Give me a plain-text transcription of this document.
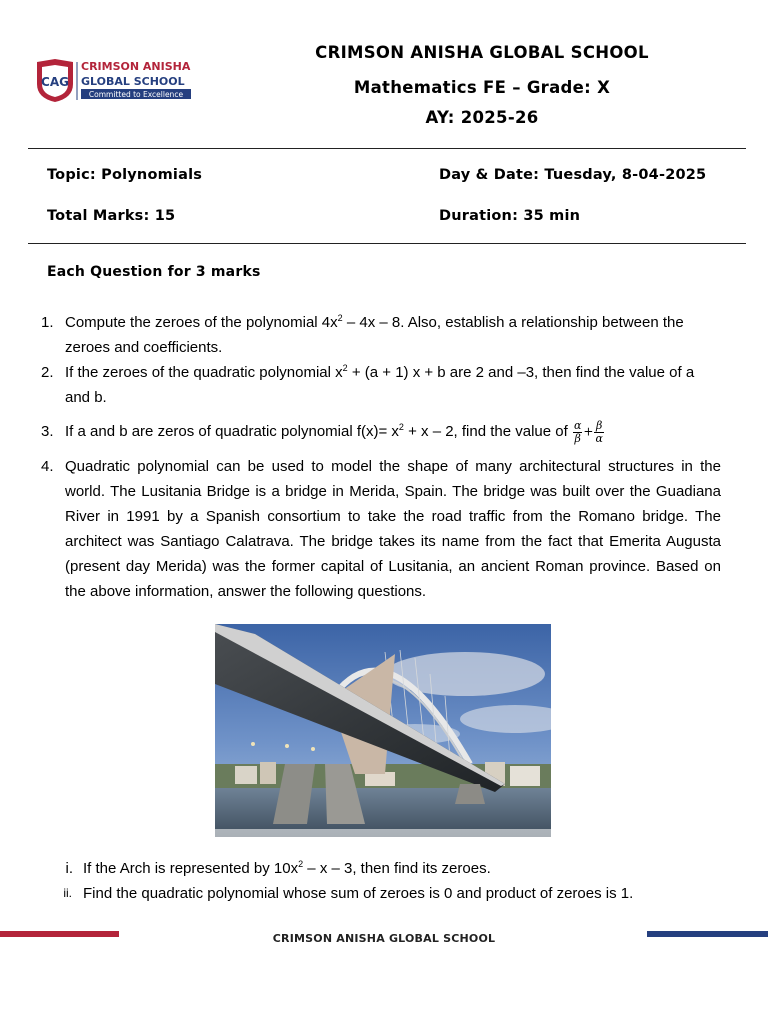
CAG
CRIMSON ANISHA
GLOBAL SCHOOL
Committed to Excellence
CRIMSON ANISHA GLOBAL SCHOOL
Mathematics FE – Grade: X
AY: 2025-26
Topic: Polynomials	Day & Date: Tuesday, 8-04-2025
Total Marks: 15	Duration: 35 min
Each Question for 3 marks
1. Compute the zeroes of the polynomial $4x^2 - 4x - 8$. Also, establish a relationship between the zeroes and coefficients.
2. If the zeroes of the quadratic polynomial $x^2 + (a + 1) x + b$ are 2 and –3, then find the value of a and b.
3. If a and b are zeros of quadratic polynomial $f(x)= x^2 + x - 2$, find the value of $\frac{\alpha}{\beta} + \frac{\beta}{\alpha}$
4. Quadratic polynomial can be used to model the shape of many architectural structures in the world. The Lusitania Bridge is a bridge in Merida, Spain. The bridge was built over the Guadiana River in 1991 by a Spanish consortium to take the road traffic from the Romano bridge. The architect was Santiago Calatrava. The bridge takes its name from the fact that Emerita Augusta (present day Merida) was the former capital of Lusitania, an ancient Roman province. Based on the above information, answer the following questions.
i. If the Arch is represented by $10x^2$ – x – 3, then find its zeroes.
ii. Find the quadratic polynomial whose sum of zeroes is 0 and product of zeroes is 1.
CRIMSON ANISHA GLOBAL SCHOOL
